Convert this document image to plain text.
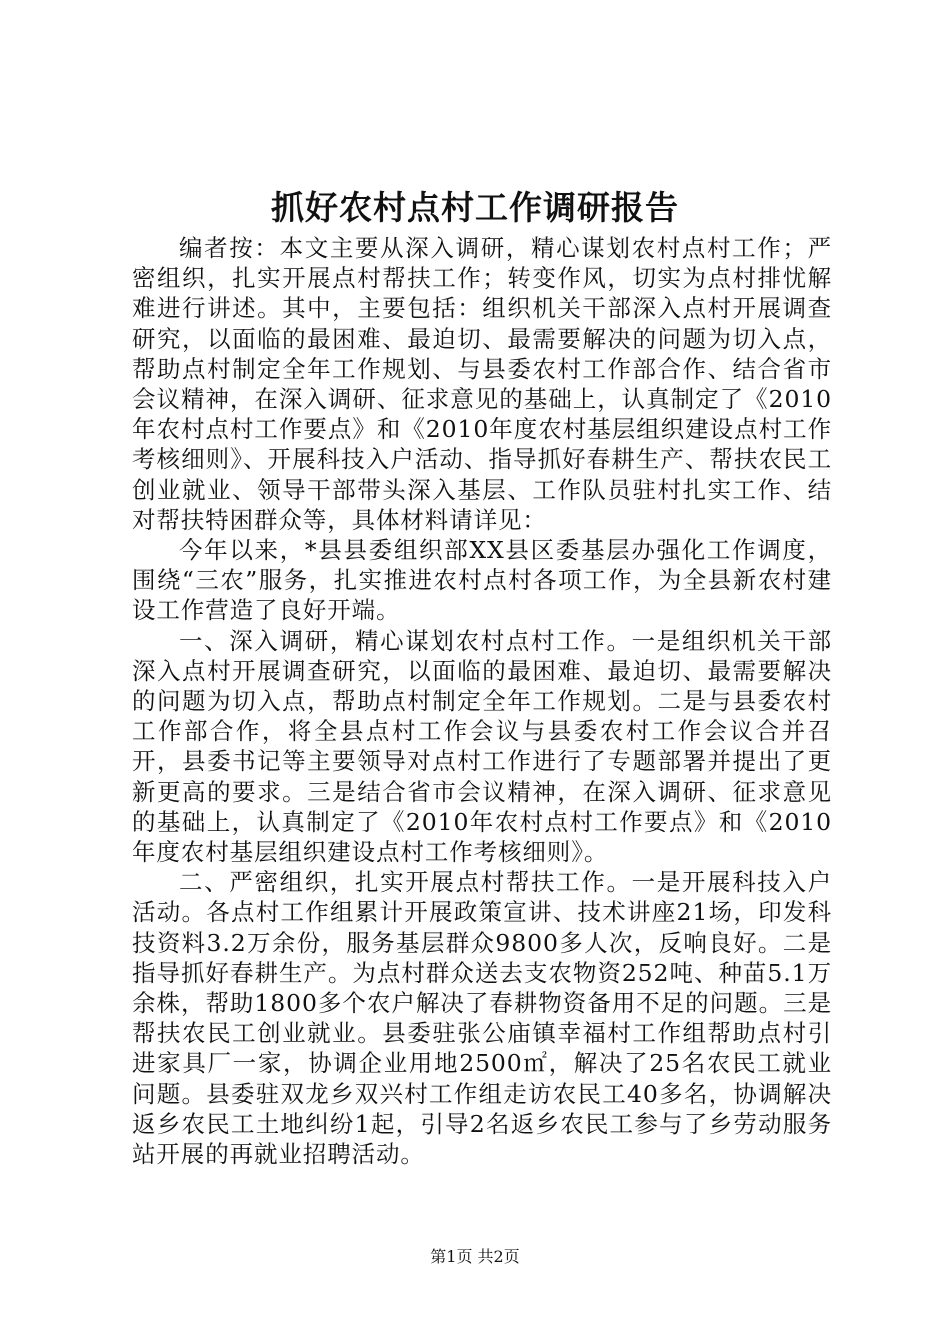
抓好农村点村工作调研报告

编者按：本文主要从深入调研，精心谋划农村点村工作；严密组织，扎实开展点村帮扶工作；转变作风，切实为点村排忧解难进行讲述。其中，主要包括：组织机关干部深入点村开展调查研究，以面临的最困难、最迫切、最需要解决的问题为切入点，帮助点村制定全年工作规划、与县委农村工作部合作、结合省市会议精神，在深入调研、征求意见的基础上，认真制定了《2010年农村点村工作要点》和《2010年度农村基层组织建设点村工作考核细则》、开展科技入户活动、指导抓好春耕生产、帮扶农民工创业就业、领导干部带头深入基层、工作队员驻村扎实工作、结对帮扶特困群众等，具体材料请详见：

今年以来，*县县委组织部XX县区委基层办强化工作调度，围绕“三农”服务，扎实推进农村点村各项工作，为全县新农村建设工作营造了良好开端。

一、深入调研，精心谋划农村点村工作。一是组织机关干部深入点村开展调查研究，以面临的最困难、最迫切、最需要解决的问题为切入点，帮助点村制定全年工作规划。二是与县委农村工作部合作，将全县点村工作会议与县委农村工作会议合并召开，县委书记等主要领导对点村工作进行了专题部署并提出了更新更高的要求。三是结合省市会议精神，在深入调研、征求意见的基础上，认真制定了《2010年农村点村工作要点》和《2010年度农村基层组织建设点村工作考核细则》。

二、严密组织，扎实开展点村帮扶工作。一是开展科技入户活动。各点村工作组累计开展政策宣讲、技术讲座21场，印发科技资料3.2万余份，服务基层群众9800多人次，反响良好。二是指导抓好春耕生产。为点村群众送去支农物资252吨、种苗5.1万余株，帮助1800多个农户解决了春耕物资备用不足的问题。三是帮扶农民工创业就业。县委驻张公庙镇幸福村工作组帮助点村引进家具厂一家，协调企业用地2500㎡，解决了25名农民工就业问题。县委驻双龙乡双兴村工作组走访农民工40多名，协调解决返乡农民工土地纠纷1起，引导2名返乡农民工参与了乡劳动服务站开展的再就业招聘活动。

第1页 共2页
